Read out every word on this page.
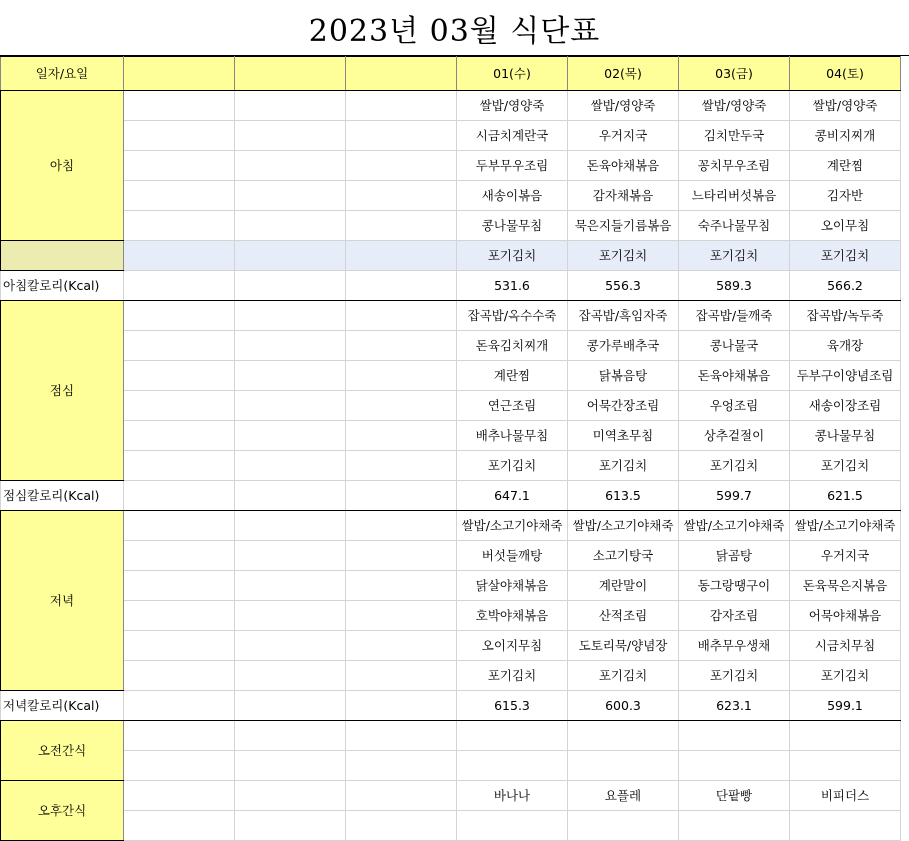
2023년 03월 식단표
일자/요일				01(수)	02(목)	03(금)	04(토)
아침				쌀밥/영양죽	쌀밥/영양죽	쌀밥/영양죽	쌀밥/영양죽
				시금치계란국	우거지국	김치만두국	콩비지찌개
				두부무우조림	돈육야채볶음	꽁치무우조림	계란찜
				새송이볶음	감자채볶음	느타리버섯볶음	김자반
				콩나물무침	묵은지들기름볶음	숙주나물무침	오이무침
				포기김치	포기김치	포기김치	포기김치
아침칼로리(Kcal)				531.6	556.3	589.3	566.2
점심				잡곡밥/옥수수죽	잡곡밥/흑임자죽	잡곡밥/들깨죽	잡곡밥/녹두죽
				돈육김치찌개	콩가루배추국	콩나물국	육개장
				계란찜	닭볶음탕	돈육야채볶음	두부구이양념조림
				연근조림	어묵간장조림	우엉조림	새송이장조림
				배추나물무침	미역초무침	상추겉절이	콩나물무침
				포기김치	포기김치	포기김치	포기김치
점심칼로리(Kcal)				647.1	613.5	599.7	621.5
저녁				쌀밥/소고기야채죽	쌀밥/소고기야채죽	쌀밥/소고기야채죽	쌀밥/소고기야채죽
				버섯들깨탕	소고기탕국	닭곰탕	우거지국
				닭살야채볶음	계란말이	동그랑땡구이	돈육묵은지볶음
				호박야채볶음	산적조림	감자조림	어묵야채볶음
				오이지무침	도토리묵/양념장	배추무우생채	시금치무침
				포기김치	포기김치	포기김치	포기김치
저녁칼로리(Kcal)				615.3	600.3	623.1	599.1
오전간식							

오후간식				바나나	요플레	단팥빵	비피더스
